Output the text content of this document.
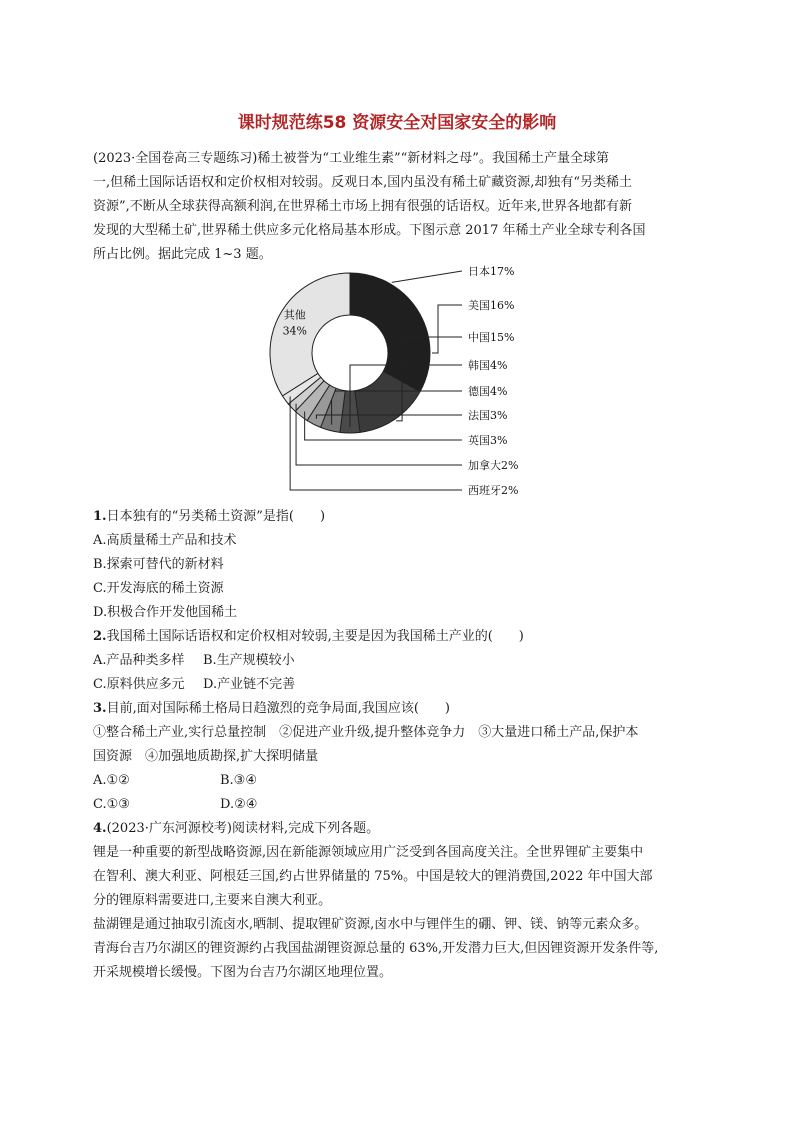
课时规范练58 资源安全对国家安全的影响
(2023·全国卷高三专题练习)稀土被誉为“工业维生素”“新材料之母”。我国稀土产量全球第
一,但稀土国际话语权和定价权相对较弱。反观日本,国内虽没有稀土矿藏资源,却独有“另类稀土
资源”,不断从全球获得高额利润,在世界稀土市场上拥有很强的话语权。近年来,世界各地都有新
发现的大型稀土矿,世界稀土供应多元化格局基本形成。下图示意 2017 年稀土产业全球专利各国
所占比例。据此完成 1~3 题。
日本17%
美国16%
中国15%
韩国4%
德国4%
法国3%
英国3%
加拿大2%
西班牙2%
其他
34%
1.日本独有的“另类稀土资源”是指(　　)
A.高质量稀土产品和技术
B.探索可替代的新材料
C.开发海底的稀土资源
D.积极合作开发他国稀土
2.我国稀土国际话语权和定价权相对较弱,主要是因为我国稀土产业的(　　)
A.产品种类多样 B.生产规模较小
C.原料供应多元 D.产业链不完善
3.目前,面对国际稀土格局日趋激烈的竞争局面,我国应该(　　)
①整合稀土产业,实行总量控制　②促进产业升级,提升整体竞争力　③大量进口稀土产品,保护本
国资源　④加强地质勘探,扩大探明储量
A.①②	B.③④
C.①③	D.②④
4.(2023·广东河源校考)阅读材料,完成下列各题。
锂是一种重要的新型战略资源,因在新能源领域应用广泛受到各国高度关注。全世界锂矿主要集中
在智利、澳大利亚、阿根廷三国,约占世界储量的 75%。中国是较大的锂消费国,2022 年中国大部
分的锂原料需要进口,主要来自澳大利亚。
盐湖锂是通过抽取引流卤水,晒制、提取锂矿资源,卤水中与锂伴生的硼、钾、镁、钠等元素众多。
青海台吉乃尔湖区的锂资源约占我国盐湖锂资源总量的 63%,开发潜力巨大,但因锂资源开发条件等,
开采规模增长缓慢。下图为台吉乃尔湖区地理位置。
